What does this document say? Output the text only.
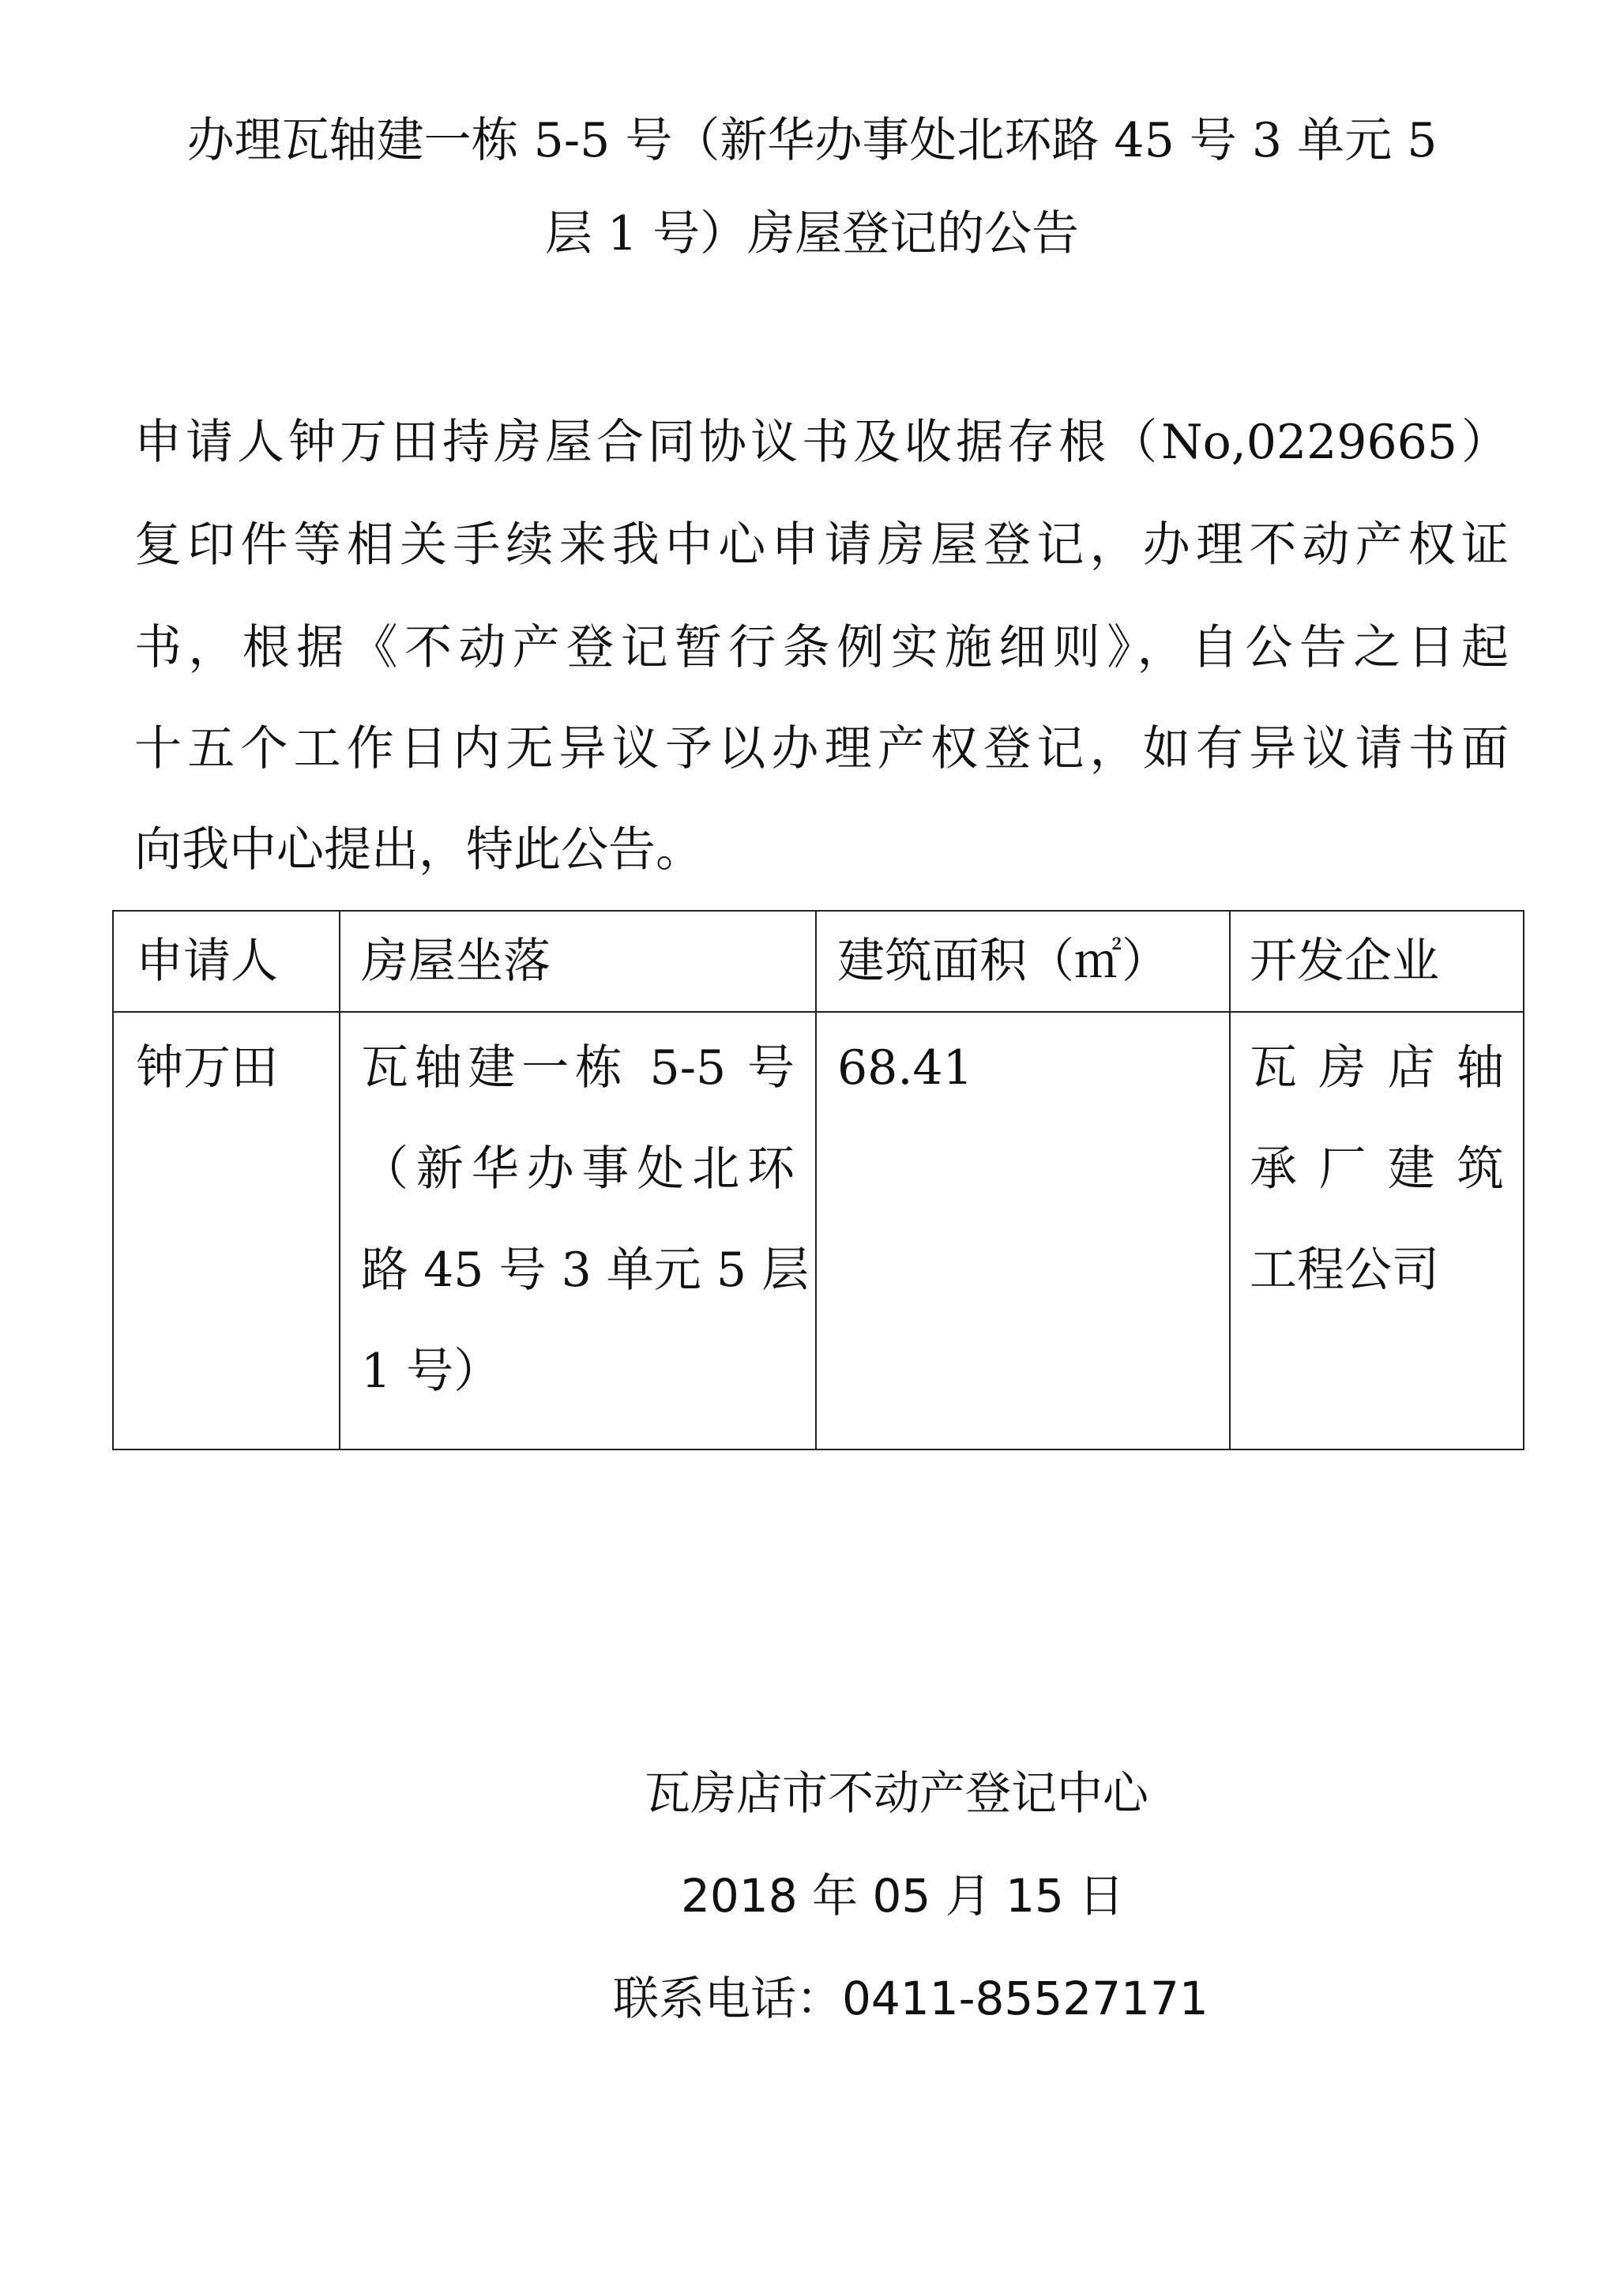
办理瓦轴建一栋 5-5 号（新华办事处北环路 45 号 3 单元 5
层 1 号）房屋登记的公告
申请人钟万田持房屋合同协议书及收据存根（No,0229665）
复印件等相关手续来我中心申请房屋登记，办理不动产权证
书，根据《不动产登记暂行条例实施细则》，自公告之日起
十五个工作日内无异议予以办理产权登记，如有异议请书面
向我中心提出，特此公告。
申请人	房屋坐落	建筑面积（㎡）	开发企业

钟万田	瓦轴建一栋 5-5 号
（新华办事处北环
路 45 号 3 单元 5 层
1 号）	68.41	瓦房店轴
承厂建筑
工程公司
瓦房店市不动产登记中心
2018 年 05 月 15 日
联系电话：0411-85527171
